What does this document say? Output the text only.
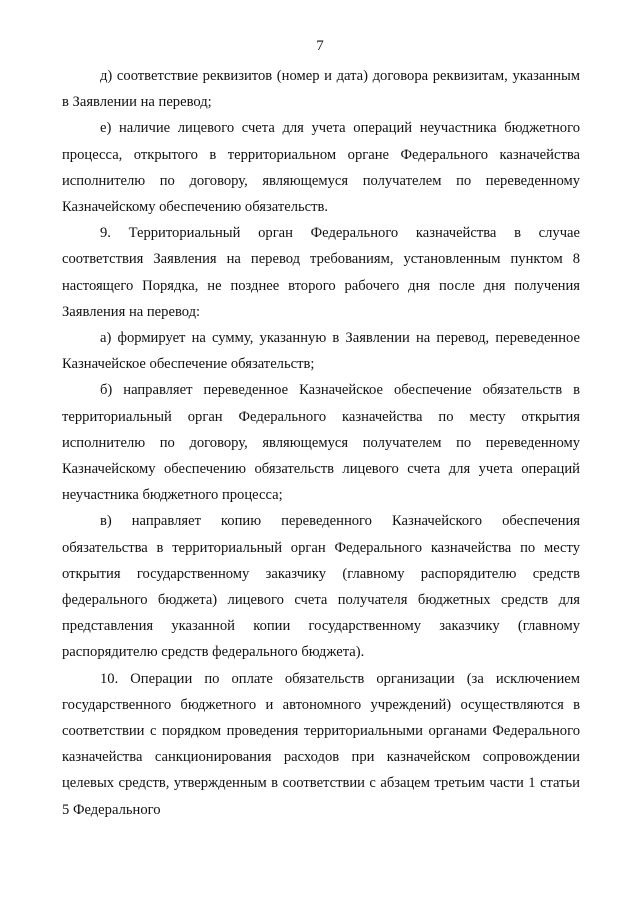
7

д) соответствие реквизитов (номер и дата) договора реквизитам, указанным в Заявлении на перевод;

е) наличие лицевого счета для учета операций неучастника бюджетного процесса, открытого в территориальном органе Федерального казначейства исполнителю по договору, являющемуся получателем по переведенному Казначейскому обеспечению обязательств.

9. Территориальный орган Федерального казначейства в случае соответствия Заявления на перевод требованиям, установленным пунктом 8 настоящего Порядка, не позднее второго рабочего дня после дня получения Заявления на перевод:

а) формирует на сумму, указанную в Заявлении на перевод, переведенное Казначейское обеспечение обязательств;

б) направляет переведенное Казначейское обеспечение обязательств в территориальный орган Федерального казначейства по месту открытия исполнителю по договору, являющемуся получателем по переведенному Казначейскому обеспечению обязательств лицевого счета для учета операций неучастника бюджетного процесса;

в) направляет копию переведенного Казначейского обеспечения обязательства в территориальный орган Федерального казначейства по месту открытия государственному заказчику (главному распорядителю средств федерального бюджета) лицевого счета получателя бюджетных средств для представления указанной копии государственному заказчику (главному распорядителю средств федерального бюджета).

10. Операции по оплате обязательств организации (за исключением государственного бюджетного и автономного учреждений) осуществляются в соответствии с порядком проведения территориальными органами Федерального казначейства санкционирования расходов при казначейском сопровождении целевых средств, утвержденным в соответствии с абзацем третьим части 1 статьи 5 Федерального
